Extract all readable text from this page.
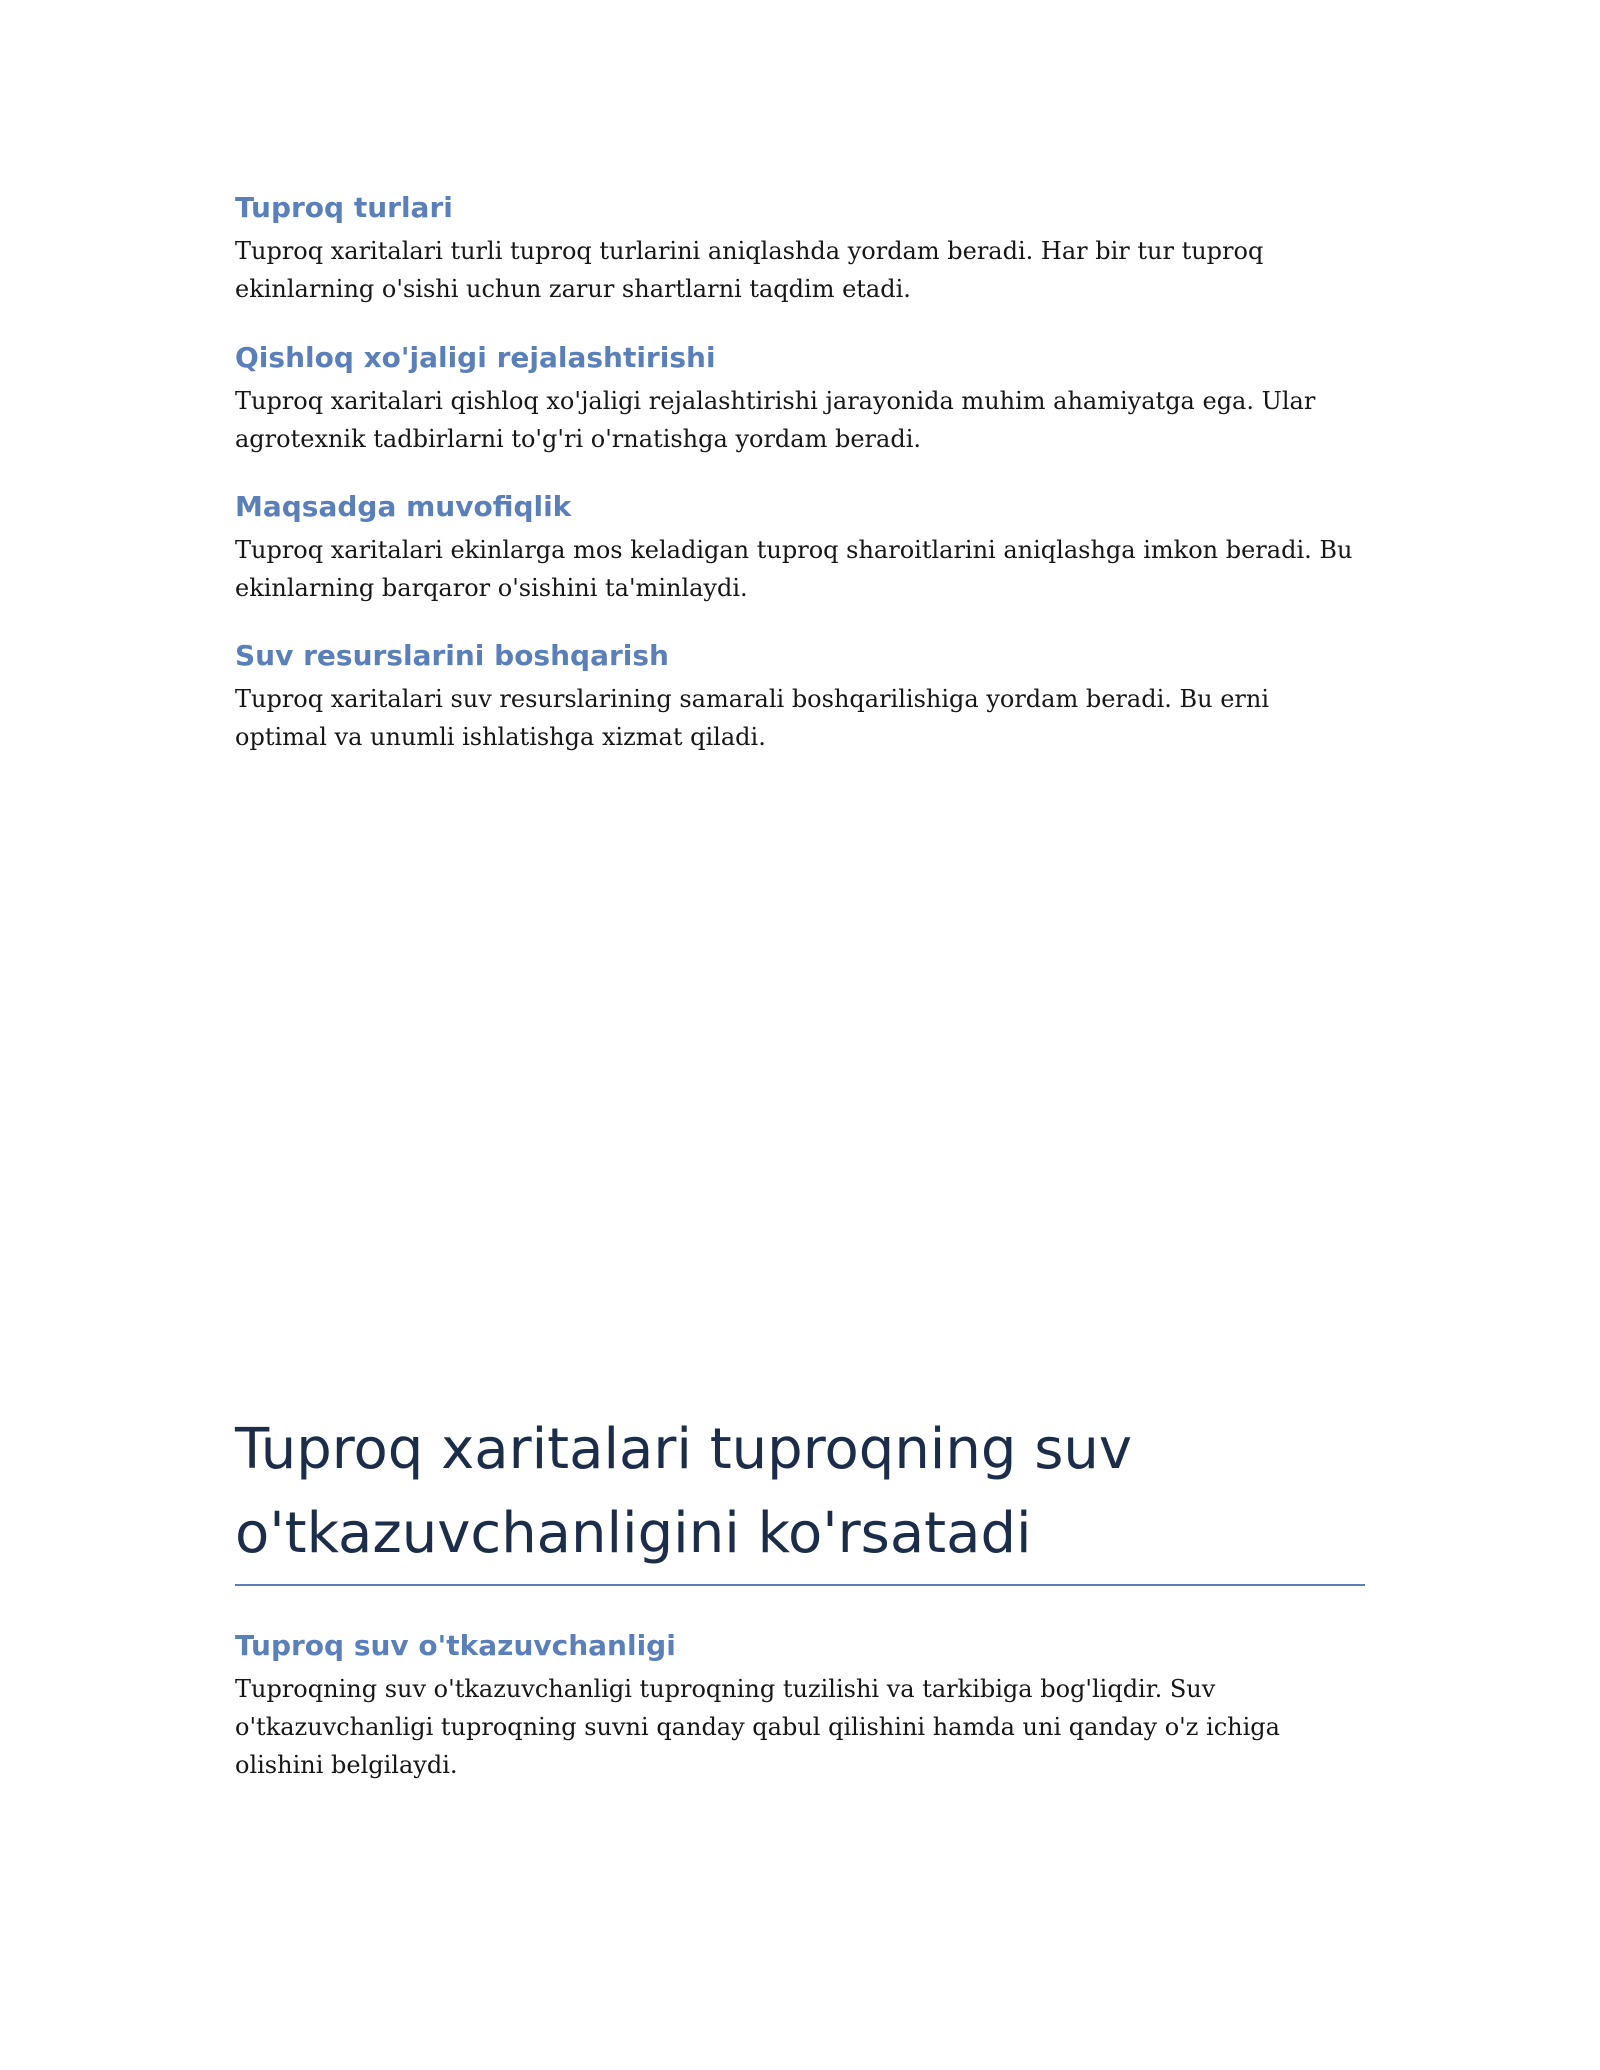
Tuproq turlari

Tuproq xaritalari turli tuproq turlarini aniqlashda yordam beradi. Har bir tur tuproq ekinlarning o'sishi uchun zarur shartlarni taqdim etadi.

Qishloq xo'jaligi rejalashtirishi

Tuproq xaritalari qishloq xo'jaligi rejalashtirishi jarayonida muhim ahamiyatga ega. Ular agrotexnik tadbirlarni to'g'ri o'rnatishga yordam beradi.

Maqsadga muvofiqlik

Tuproq xaritalari ekinlarga mos keladigan tuproq sharoitlarini aniqlashga imkon beradi. Bu ekinlarning barqaror o'sishini ta'minlaydi.

Suv resurslarini boshqarish

Tuproq xaritalari suv resurslarining samarali boshqarilishiga yordam beradi. Bu erni optimal va unumli ishlatishga xizmat qiladi.

Tuproq xaritalari tuproqning suv o'tkazuvchanligini ko'rsatadi
Tuproq suv o'tkazuvchanligi

Tuproqning suv o'tkazuvchanligi tuproqning tuzilishi va tarkibiga bog'liqdir. Suv o'tkazuvchanligi tuproqning suvni qanday qabul qilishini hamda uni qanday o'z ichiga olishini belgilaydi.
